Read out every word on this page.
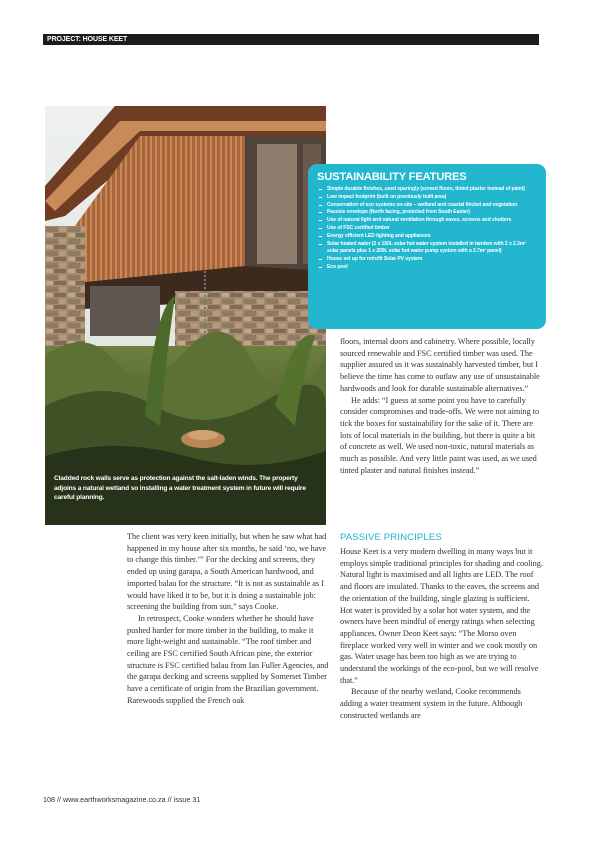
PROJECT: HOUSE KEET
Cladded rock walls serve as protection against the salt-laden winds. The property adjoins a natural wetland so installing a water treatment system in future will require careful planning.
SUSTAINABILITY FEATURES
Simple durable finishes, used sparingly (screed floors, tinted plaster instead of paint)
Low impact footprint (built on previously built area)
Conservation of eco systems on-site – wetland and coastal thicket and vegetation
Passive envelope (North facing, protected from South Easter)
Use of natural light and natural ventilation through eaves, screens and shutters
Use of FSC certified timber
Energy efficient LED lighting and appliances
Solar heated water (2 x 150L solar hot water system installed in tandem with 2 x 2.3m² solar panels plus 1 x 200L solar hot water pump system with a 2.7m² panel)
House set up for retrofit Solar PV system
Eco pool

The client was very keen initially, but when he saw what had happened in my house after six months, he said ‘no, we have to change this timber.’” For the decking and screens, they ended up using garapa, a South American hardwood, and imported balau for the structure. “It is not as sustainable as I would have liked it to be, but it is doing a sustainable job: screening the building from sun,” says Cooke.

In retrospect, Cooke wonders whether he should have pushed harder for more timber in the building, to make it more light-weight and sustainable. “The roof timber and ceiling are FSC certified South African pine, the exterior structure is FSC certified balau from Ian Fuller Agencies, and the garapa decking and screens supplied by Somerset Timber have a certificate of origin from the Brazilian government. Rarewoods supplied the French oak

floors, internal doors and cabinetry. Where possible, locally sourced renewable and FSC certified timber was used. The supplier assured us it was sustainably harvested timber, but I believe the time has come to outlaw any use of unsustainable hardwoods and look for durable sustainable alternatives.”

He adds: “I guess at some point you have to carefully consider compromises and trade-offs. We were not aiming to tick the boxes for sustainability for the sake of it. There are lots of local materials in the building, but there is quite a bit of concrete as well. We used non-toxic, natural materials as much as possible. And very little paint was used, as we used tinted plaster and natural finishes instead.”

PASSIVE PRINCIPLES

House Keet is a very modern dwelling in many ways but it employs simple traditional principles for shading and cooling. Natural light is maximised and all lights are LED. The roof and floors are insulated. Thanks to the eaves, the screens and the orientation of the building, single glazing is sufficient. Hot water is provided by a solar hot water system, and the owners have been mindful of energy ratings when selecting appliances. Owner Deon Keet says: “The Morso oven fireplace worked very well in winter and we cook mostly on gas. Water usage has been too high as we are trying to understand the workings of the eco-pool, but we will resolve that.”

Because of the nearby wetland, Cooke recommends adding a water treatment system in the future. Although constructed wetlands are

108 // www.earthworksmagazine.co.za // issue 31
